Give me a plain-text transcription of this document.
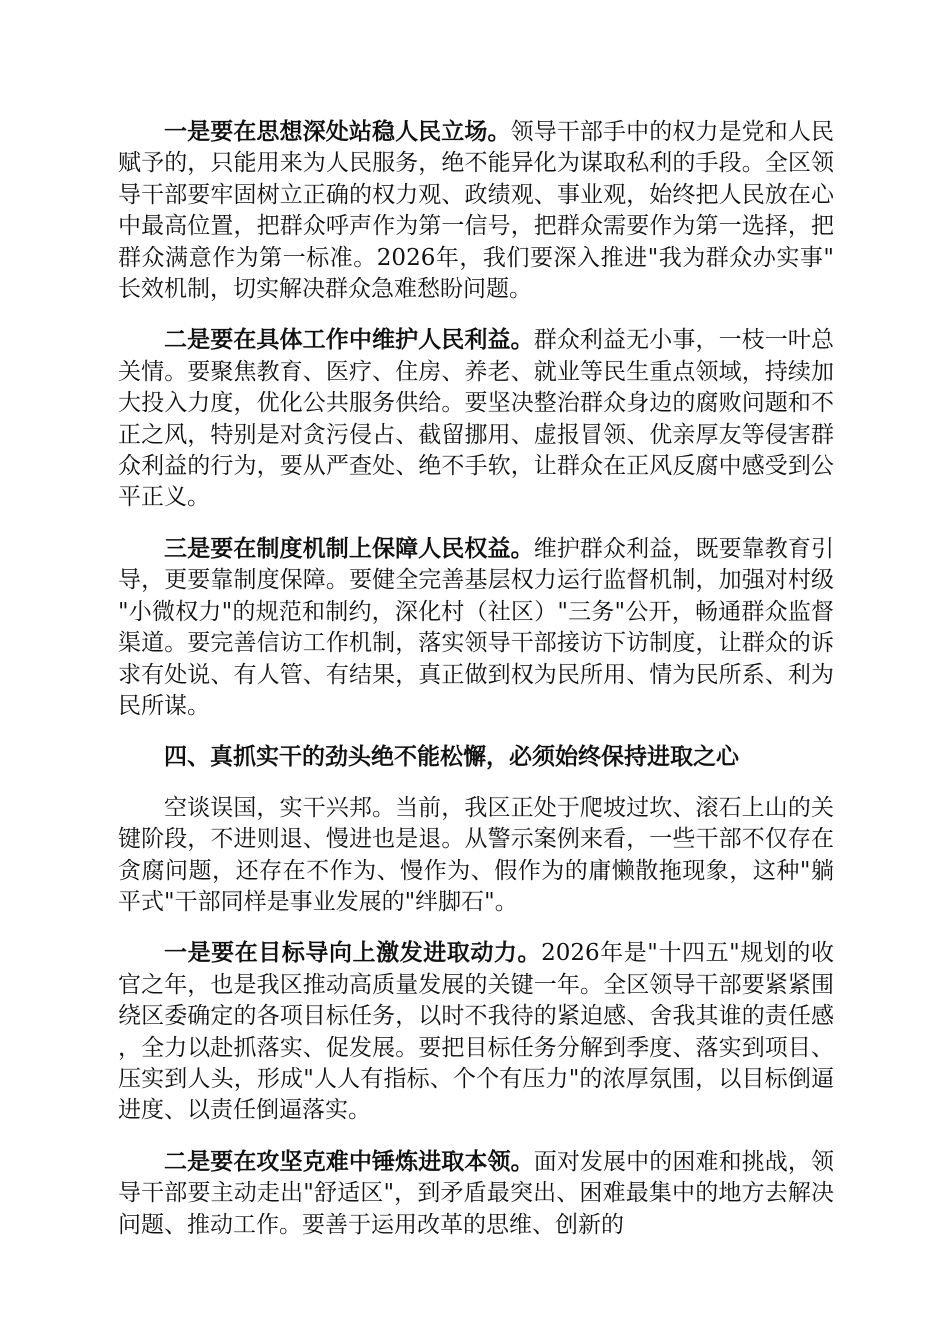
一是要在思想深处站稳人民立场。领导干部手中的权力是党和人民赋予的，只能用来为人民服务，绝不能异化为谋取私利的手段。全区领导干部要牢固树立正确的权力观、政绩观、事业观，始终把人民放在心中最高位置，把群众呼声作为第一信号，把群众需要作为第一选择，把群众满意作为第一标准。2026年，我们要深入推进"我为群众办实事"长效机制，切实解决群众急难愁盼问题。

二是要在具体工作中维护人民利益。群众利益无小事，一枝一叶总关情。要聚焦教育、医疗、住房、养老、就业等民生重点领域，持续加大投入力度，优化公共服务供给。要坚决整治群众身边的腐败问题和不正之风，特别是对贪污侵占、截留挪用、虚报冒领、优亲厚友等侵害群众利益的行为，要从严查处、绝不手软，让群众在正风反腐中感受到公平正义。

三是要在制度机制上保障人民权益。维护群众利益，既要靠教育引导，更要靠制度保障。要健全完善基层权力运行监督机制，加强对村级"小微权力"的规范和制约，深化村（社区）"三务"公开，畅通群众监督渠道。要完善信访工作机制，落实领导干部接访下访制度，让群众的诉求有处说、有人管、有结果，真正做到权为民所用、情为民所系、利为民所谋。

四、真抓实干的劲头绝不能松懈，必须始终保持进取之心

空谈误国，实干兴邦。当前，我区正处于爬坡过坎、滚石上山的关键阶段，不进则退、慢进也是退。从警示案例来看，一些干部不仅存在贪腐问题，还存在不作为、慢作为、假作为的庸懒散拖现象，这种"躺平式"干部同样是事业发展的"绊脚石"。

一是要在目标导向上激发进取动力。2026年是"十四五"规划的收官之年，也是我区推动高质量发展的关键一年。全区领导干部要紧紧围绕区委确定的各项目标任务，以时不我待的紧迫感、舍我其谁的责任感，全力以赴抓落实、促发展。要把目标任务分解到季度、落实到项目、压实到人头，形成"人人有指标、个个有压力"的浓厚氛围，以目标倒逼进度、以责任倒逼落实。

二是要在攻坚克难中锤炼进取本领。面对发展中的困难和挑战，领导干部要主动走出"舒适区"，到矛盾最突出、困难最集中的地方去解决问题、推动工作。要善于运用改革的思维、创新的
